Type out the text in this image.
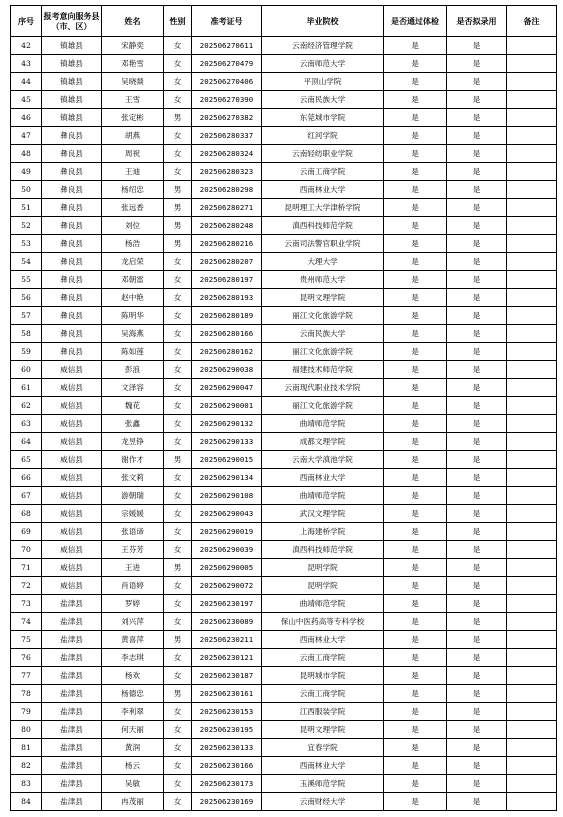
序号	报考意向服务县（市、区）	姓名	性别	准考证号	毕业院校	是否通过体检	是否拟录用	备注
42	镇雄县	宋静奕	女	202506270611	云南经济管理学院	是	是	
43	镇雄县	邓艳雪	女	202506270479	云南师范大学	是	是	
44	镇雄县	吴晓燚	女	202506270406	平顶山学院	是	是	
45	镇雄县	王雪	女	202506270390	云南民族大学	是	是	
46	镇雄县	张定彬	男	202506270382	东莞城市学院	是	是	
47	彝良县	胡燕	女	202506280337	红河学院	是	是	
48	彝良县	周祝	女	202506280324	云南轻纺职业学院	是	是	
49	彝良县	王迪	女	202506280323	云南工商学院	是	是	
50	彝良县	杨绍忠	男	202506280298	西南林业大学	是	是	
51	彝良县	张远香	男	202506280271	昆明理工大学津桥学院	是	是	
52	彝良县	刘位	男	202506280248	滇西科技师范学院	是	是	
53	彝良县	杨浩	男	202506280216	云南司法警官职业学院	是	是	
54	彝良县	龙启荣	女	202506280207	大理大学	是	是	
55	彝良县	邓朝雷	女	202506280197	贵州师范大学	是	是	
56	彝良县	赵中艳	女	202506280193	昆明文理学院	是	是	
57	彝良县	陈明华	女	202506280189	丽江文化旅游学院	是	是	
58	彝良县	吴海燕	女	202506280166	云南民族大学	是	是	
59	彝良县	陈如莲	女	202506280162	丽江文化旅游学院	是	是	
60	威信县	彭浪	女	202506290038	福建技术师范学院	是	是	
61	威信县	文泽容	女	202506290047	云南现代职业技术学院	是	是	
62	威信县	魏花	女	202506290001	丽江文化旅游学院	是	是	
63	威信县	张鑫	女	202506290132	曲靖师范学院	是	是	
64	威信县	龙昱铮	女	202506290133	成都文理学院	是	是	
65	威信县	谢作才	男	202506290015	云南大学滇池学院	是	是	
66	威信县	张文莉	女	202506290134	西南林业大学	是	是	
67	威信县	游朝瑞	女	202506290108	曲靖师范学院	是	是	
68	威信县	宗媛媛	女	202506290043	武汉文理学院	是	是	
69	威信县	张语谛	女	202506290019	上海建桥学院	是	是	
70	威信县	王芬芳	女	202506290039	滇西科技师范学院	是	是	
71	威信县	王进	男	202506290005	昆明学院	是	是	
72	威信县	肖语婷	女	202506290072	昆明学院	是	是	
73	盐津县	罗婷	女	202506230197	曲靖师范学院	是	是	
74	盐津县	刘兴萍	女	202506230089	保山中医药高等专科学校	是	是	
75	盐津县	黄喜萍	男	202506230211	西南林业大学	是	是	
76	盐津县	李志琪	女	202506230121	云南工商学院	是	是	
77	盐津县	杨欢	女	202506230187	昆明城市学院	是	是	
78	盐津县	杨德忠	男	202506230161	云南工商学院	是	是	
79	盐津县	李利翠	女	202506230153	江西服装学院	是	是	
80	盐津县	何天丽	女	202506230195	昆明文理学院	是	是	
81	盐津县	黄润	女	202506230133	宜春学院	是	是	
82	盐津县	杨云	女	202506230166	西南林业大学	是	是	
83	盐津县	吴敏	女	202506230173	玉溪师范学院	是	是	
84	盐津县	冉茂丽	女	202506230169	云南财经大学	是	是	
